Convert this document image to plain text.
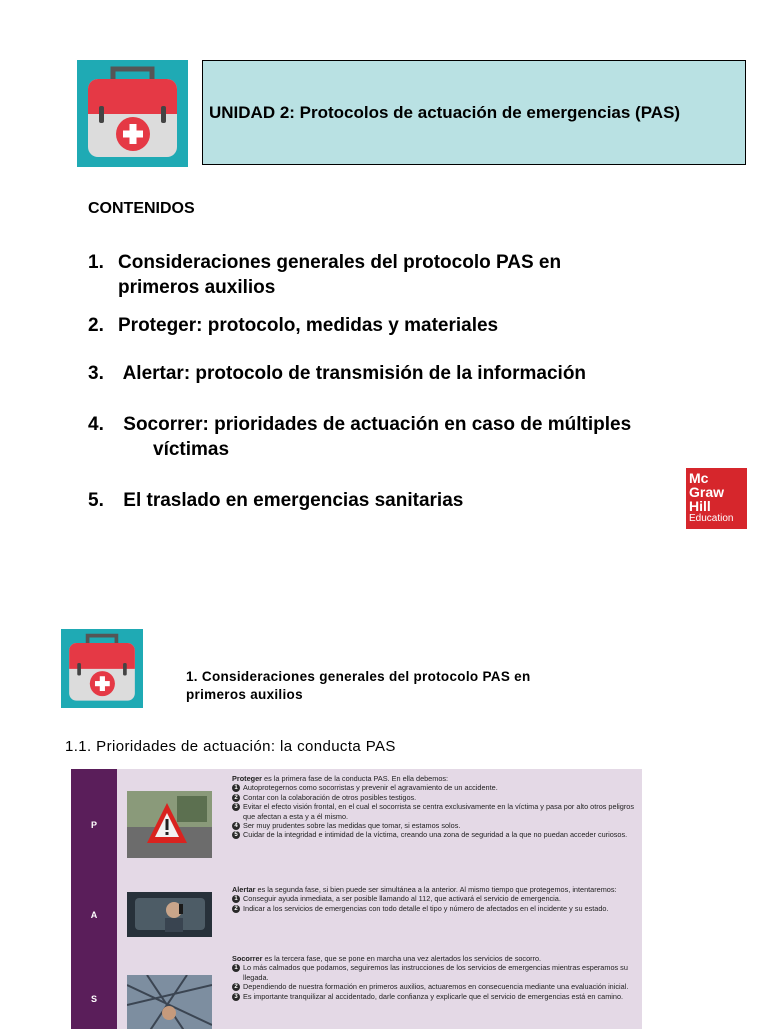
UNIDAD 2: Protocolos de actuación de emergencias (PAS)
CONTENIDOS
1. Consideraciones generales del protocolo PAS en
primeros auxilios
2. Proteger: protocolo, medidas y materiales
3. Alertar: protocolo de transmisión de la información
4. Socorrer: prioridades de actuación en caso de múltiples
víctimas
5. El traslado en emergencias sanitarias
Mc
Graw
Hill
Education
1. Consideraciones generales del protocolo PAS en
primeros auxilios
1.1. Prioridades de actuación: la conducta PAS
P

Proteger es la primera fase de la conducta PAS. En ella debemos:

1 Autoprotegernos como socorristas y prevenir el agravamiento de un accidente.
2 Contar con la colaboración de otros posibles testigos.
3 Evitar el efecto visión frontal, en el cual el socorrista se centra exclusivamente en la víctima y pasa por alto otros peligros que afectan a esta y a él mismo.
4 Ser muy prudentes sobre las medidas que tomar, si estamos solos.
5 Cuidar de la integridad e intimidad de la víctima, creando una zona de seguridad a la que no puedan acceder curiosos.
A

Alertar es la segunda fase, si bien puede ser simultánea a la anterior. Al mismo tiempo que protegemos, intentaremos:

1 Conseguir ayuda inmediata, a ser posible llamando al 112, que activará el servicio de emergencia.
2 Indicar a los servicios de emergencias con todo detalle el tipo y número de afectados en el incidente y su estado.
S

Socorrer es la tercera fase, que se pone en marcha una vez alertados los servicios de socorro.

1 Lo más calmados que podamos, seguiremos las instrucciones de los servicios de emergencias mientras esperamos su llegada.
2 Dependiendo de nuestra formación en primeros auxilios, actuaremos en consecuencia mediante una evaluación inicial.
3 Es importante tranquilizar al accidentado, darle confianza y explicarle que el servicio de emergencias está en camino.
